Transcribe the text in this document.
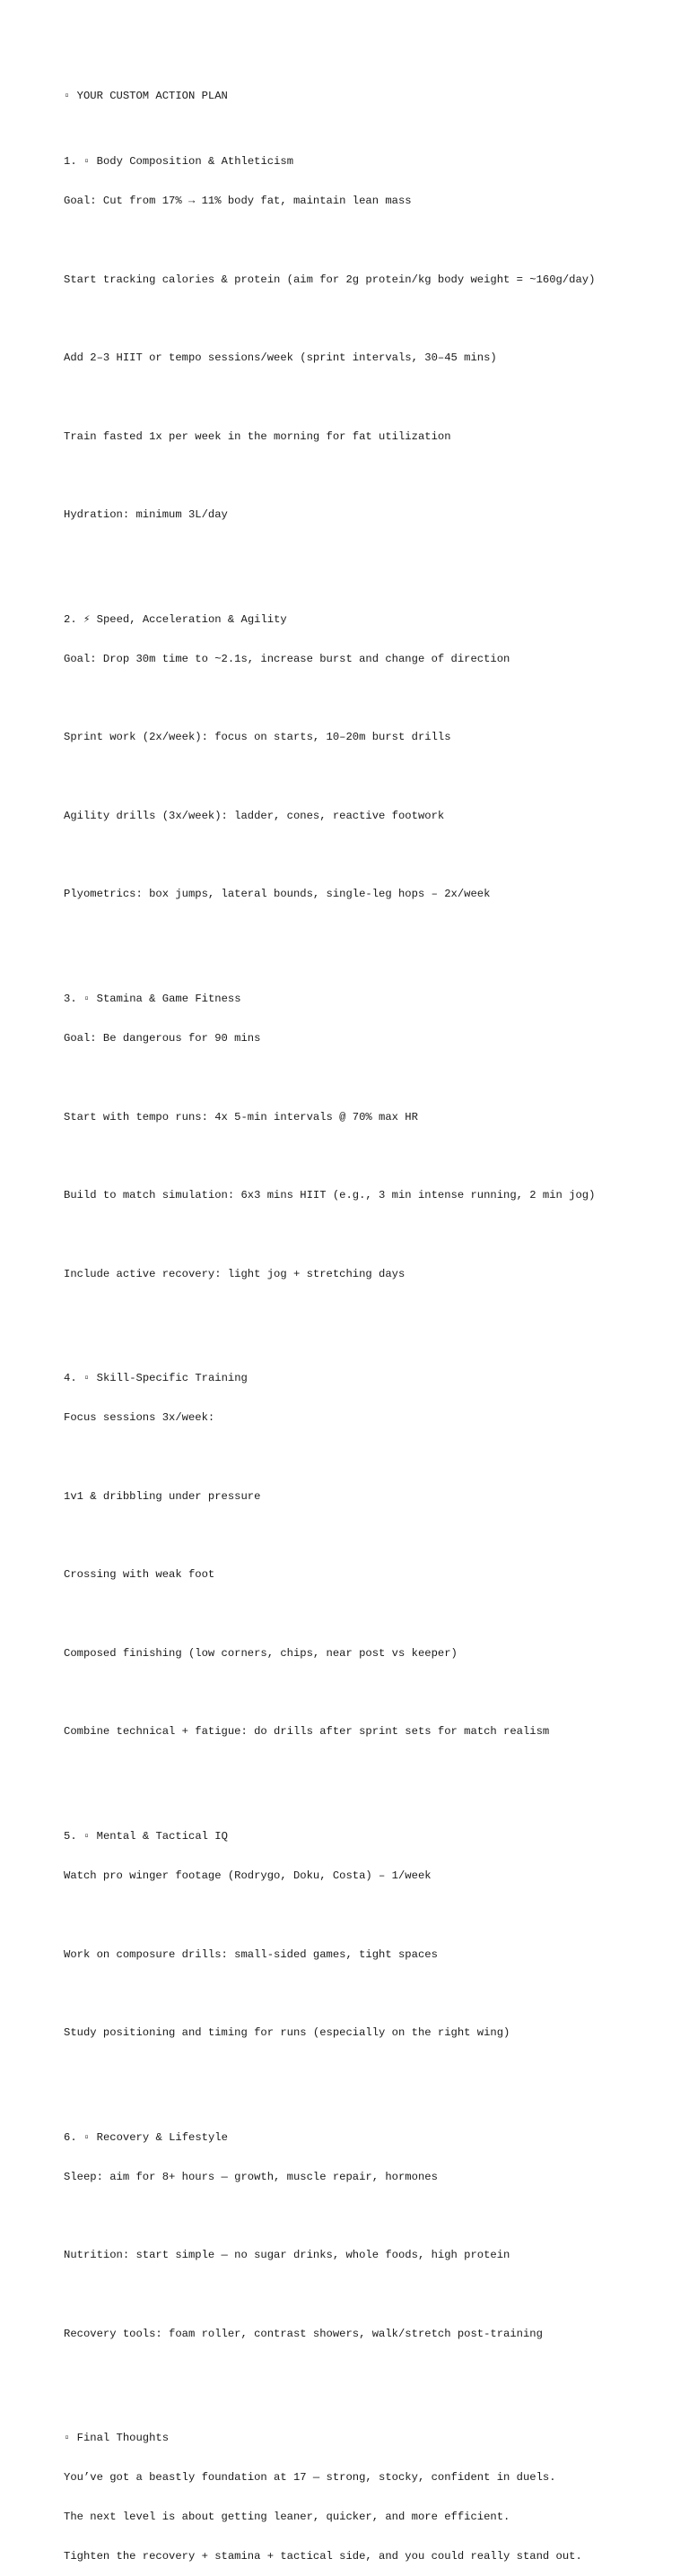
▫ YOUR CUSTOM ACTION PLAN

1. ▫ Body Composition & Athleticism

Goal: Cut from 17% → 11% body fat, maintain lean mass

Start tracking calories & protein (aim for 2g protein/kg body weight = ~160g/day)

Add 2–3 HIIT or tempo sessions/week (sprint intervals, 30–45 mins)

Train fasted 1x per week in the morning for fat utilization

Hydration: minimum 3L/day

2. ⚡ Speed, Acceleration & Agility

Goal: Drop 30m time to ~2.1s, increase burst and change of direction

Sprint work (2x/week): focus on starts, 10–20m burst drills

Agility drills (3x/week): ladder, cones, reactive footwork

Plyometrics: box jumps, lateral bounds, single-leg hops – 2x/week

3. ▫ Stamina & Game Fitness

Goal: Be dangerous for 90 mins

Start with tempo runs: 4x 5-min intervals @ 70% max HR

Build to match simulation: 6x3 mins HIIT (e.g., 3 min intense running, 2 min jog)

Include active recovery: light jog + stretching days

4. ▫ Skill-Specific Training

Focus sessions 3x/week:

1v1 & dribbling under pressure

Crossing with weak foot

Composed finishing (low corners, chips, near post vs keeper)

Combine technical + fatigue: do drills after sprint sets for match realism

5. ▫ Mental & Tactical IQ

Watch pro winger footage (Rodrygo, Doku, Costa) – 1/week

Work on composure drills: small-sided games, tight spaces

Study positioning and timing for runs (especially on the right wing)

6. ▫ Recovery & Lifestyle

Sleep: aim for 8+ hours — growth, muscle repair, hormones

Nutrition: start simple — no sugar drinks, whole foods, high protein

Recovery tools: foam roller, contrast showers, walk/stretch post-training

▫ Final Thoughts

You’ve got a beastly foundation at 17 — strong, stocky, confident in duels.

The next level is about getting leaner, quicker, and more efficient.

Tighten the recovery + stamina + tactical side, and you could really stand out.
